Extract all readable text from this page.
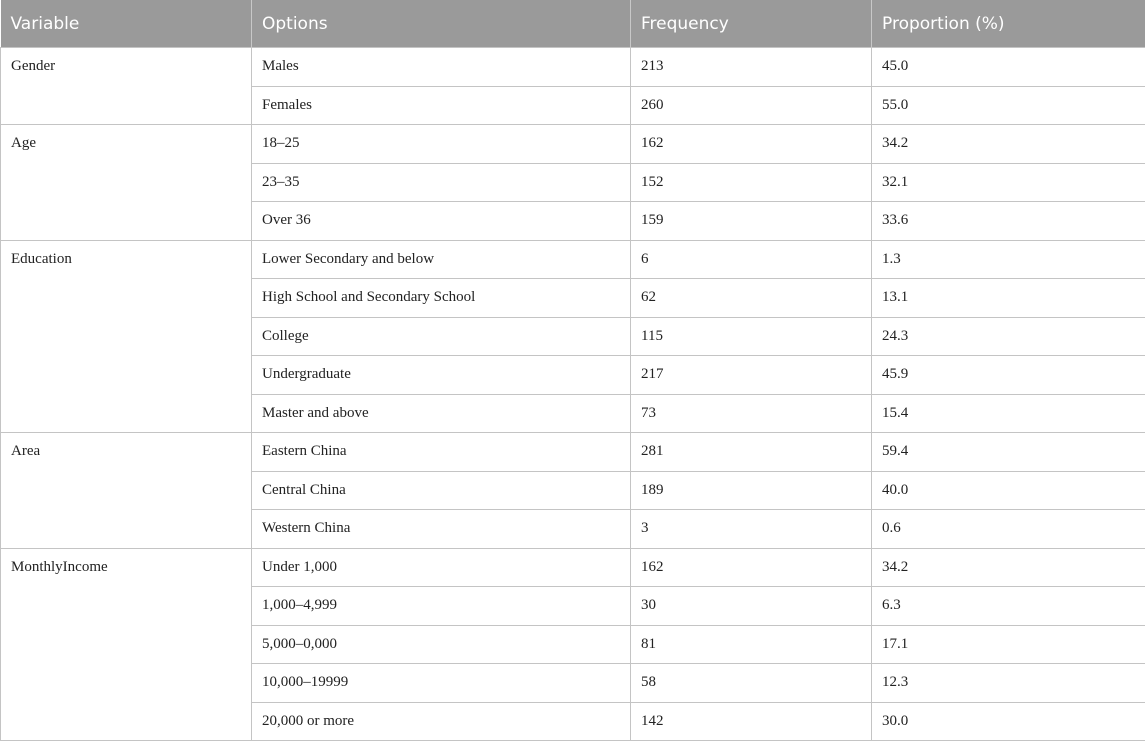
Variable	Options	Frequency	Proportion (%)
Gender	Males	213	45.0
	Females	260	55.0
Age	18–25	162	34.2
	23–35	152	32.1
	Over 36	159	33.6
Education	Lower Secondary and below	6	1.3
	High School and Secondary School	62	13.1
	College	115	24.3
	Undergraduate	217	45.9
	Master and above	73	15.4
Area	Eastern China	281	59.4
	Central China	189	40.0
	Western China	3	0.6
MonthlyIncome	Under 1,000	162	34.2
	1,000–4,999	30	6.3
	5,000–0,000	81	17.1
	10,000–19999	58	12.3
	20,000 or more	142	30.0
